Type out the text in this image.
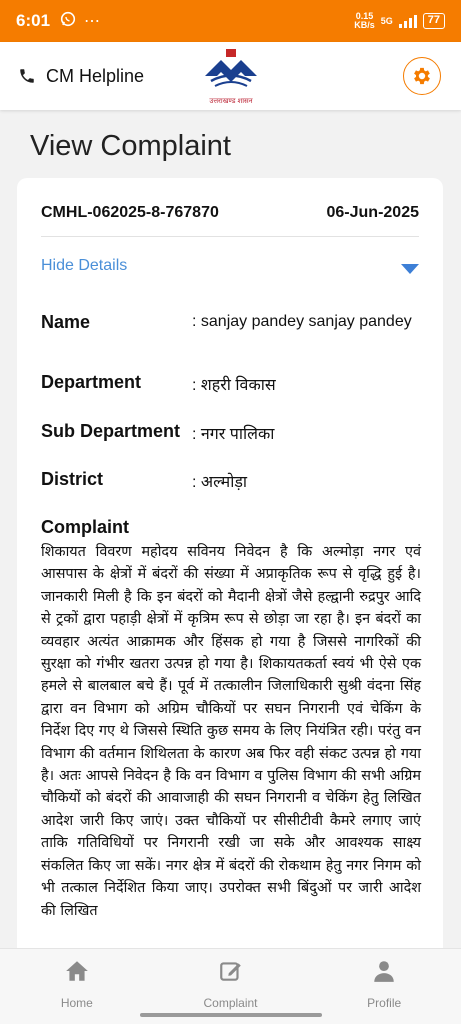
6:01 ⋯	0.15
KB/s 5G	77
CM Helpline
उत्तराखण्ड शासन
View Complaint
CMHL-062025-8-767870	06-Jun-2025
Hide Details
Name	: sanjay pandey sanjay pandey
Department	: शहरी विकास
Sub Department : नगर पालिका
District	: अल्मोड़ा
Complaint
शिकायत विवरण महोदय सविनय निवेदन है कि अल्मोड़ा नगर एवं आसपास के क्षेत्रों में बंदरों की संख्या में अप्राकृतिक रूप से वृद्धि हुई है। जानकारी मिली है कि इन बंदरों को मैदानी क्षेत्रों जैसे हल्द्वानी रुद्रपुर आदि से ट्रकों द्वारा पहाड़ी क्षेत्रों में कृत्रिम रूप से छोड़ा जा रहा है। इन बंदरों का व्यवहार अत्यंत आक्रामक और हिंसक हो गया है जिससे नागरिकों की सुरक्षा को गंभीर खतरा उत्पन्न हो गया है। शिकायतकर्ता स्वयं भी ऐसे एक हमले से बालबाल बचे हैं। पूर्व में तत्कालीन जिलाधिकारी सुश्री वंदना सिंह द्वारा वन विभाग को अग्रिम चौकियों पर सघन निगरानी एवं चेकिंग के निर्देश दिए गए थे जिससे स्थिति कुछ समय के लिए नियंत्रित रही। परंतु वन विभाग की वर्तमान शिथिलता के कारण अब फिर वही संकट उत्पन्न हो गया है। अतः आपसे निवेदन है कि वन विभाग व पुलिस विभाग की सभी अग्रिम चौकियों को बंदरों की आवाजाही की सघन निगरानी व चेकिंग हेतु लिखित आदेश जारी किए जाएं। उक्त चौकियों पर सीसीटीवी कैमरे लगाए जाएं ताकि गतिविधियों पर निगरानी रखी जा सके और आवश्यक साक्ष्य संकलित किए जा सकें। नगर क्षेत्र में बंदरों की रोकथाम हेतु नगर निगम को भी तत्काल निर्देशित किया जाए। उपरोक्त सभी बिंदुओं पर जारी आदेश की लिखित
Home	Complaint	Profile
